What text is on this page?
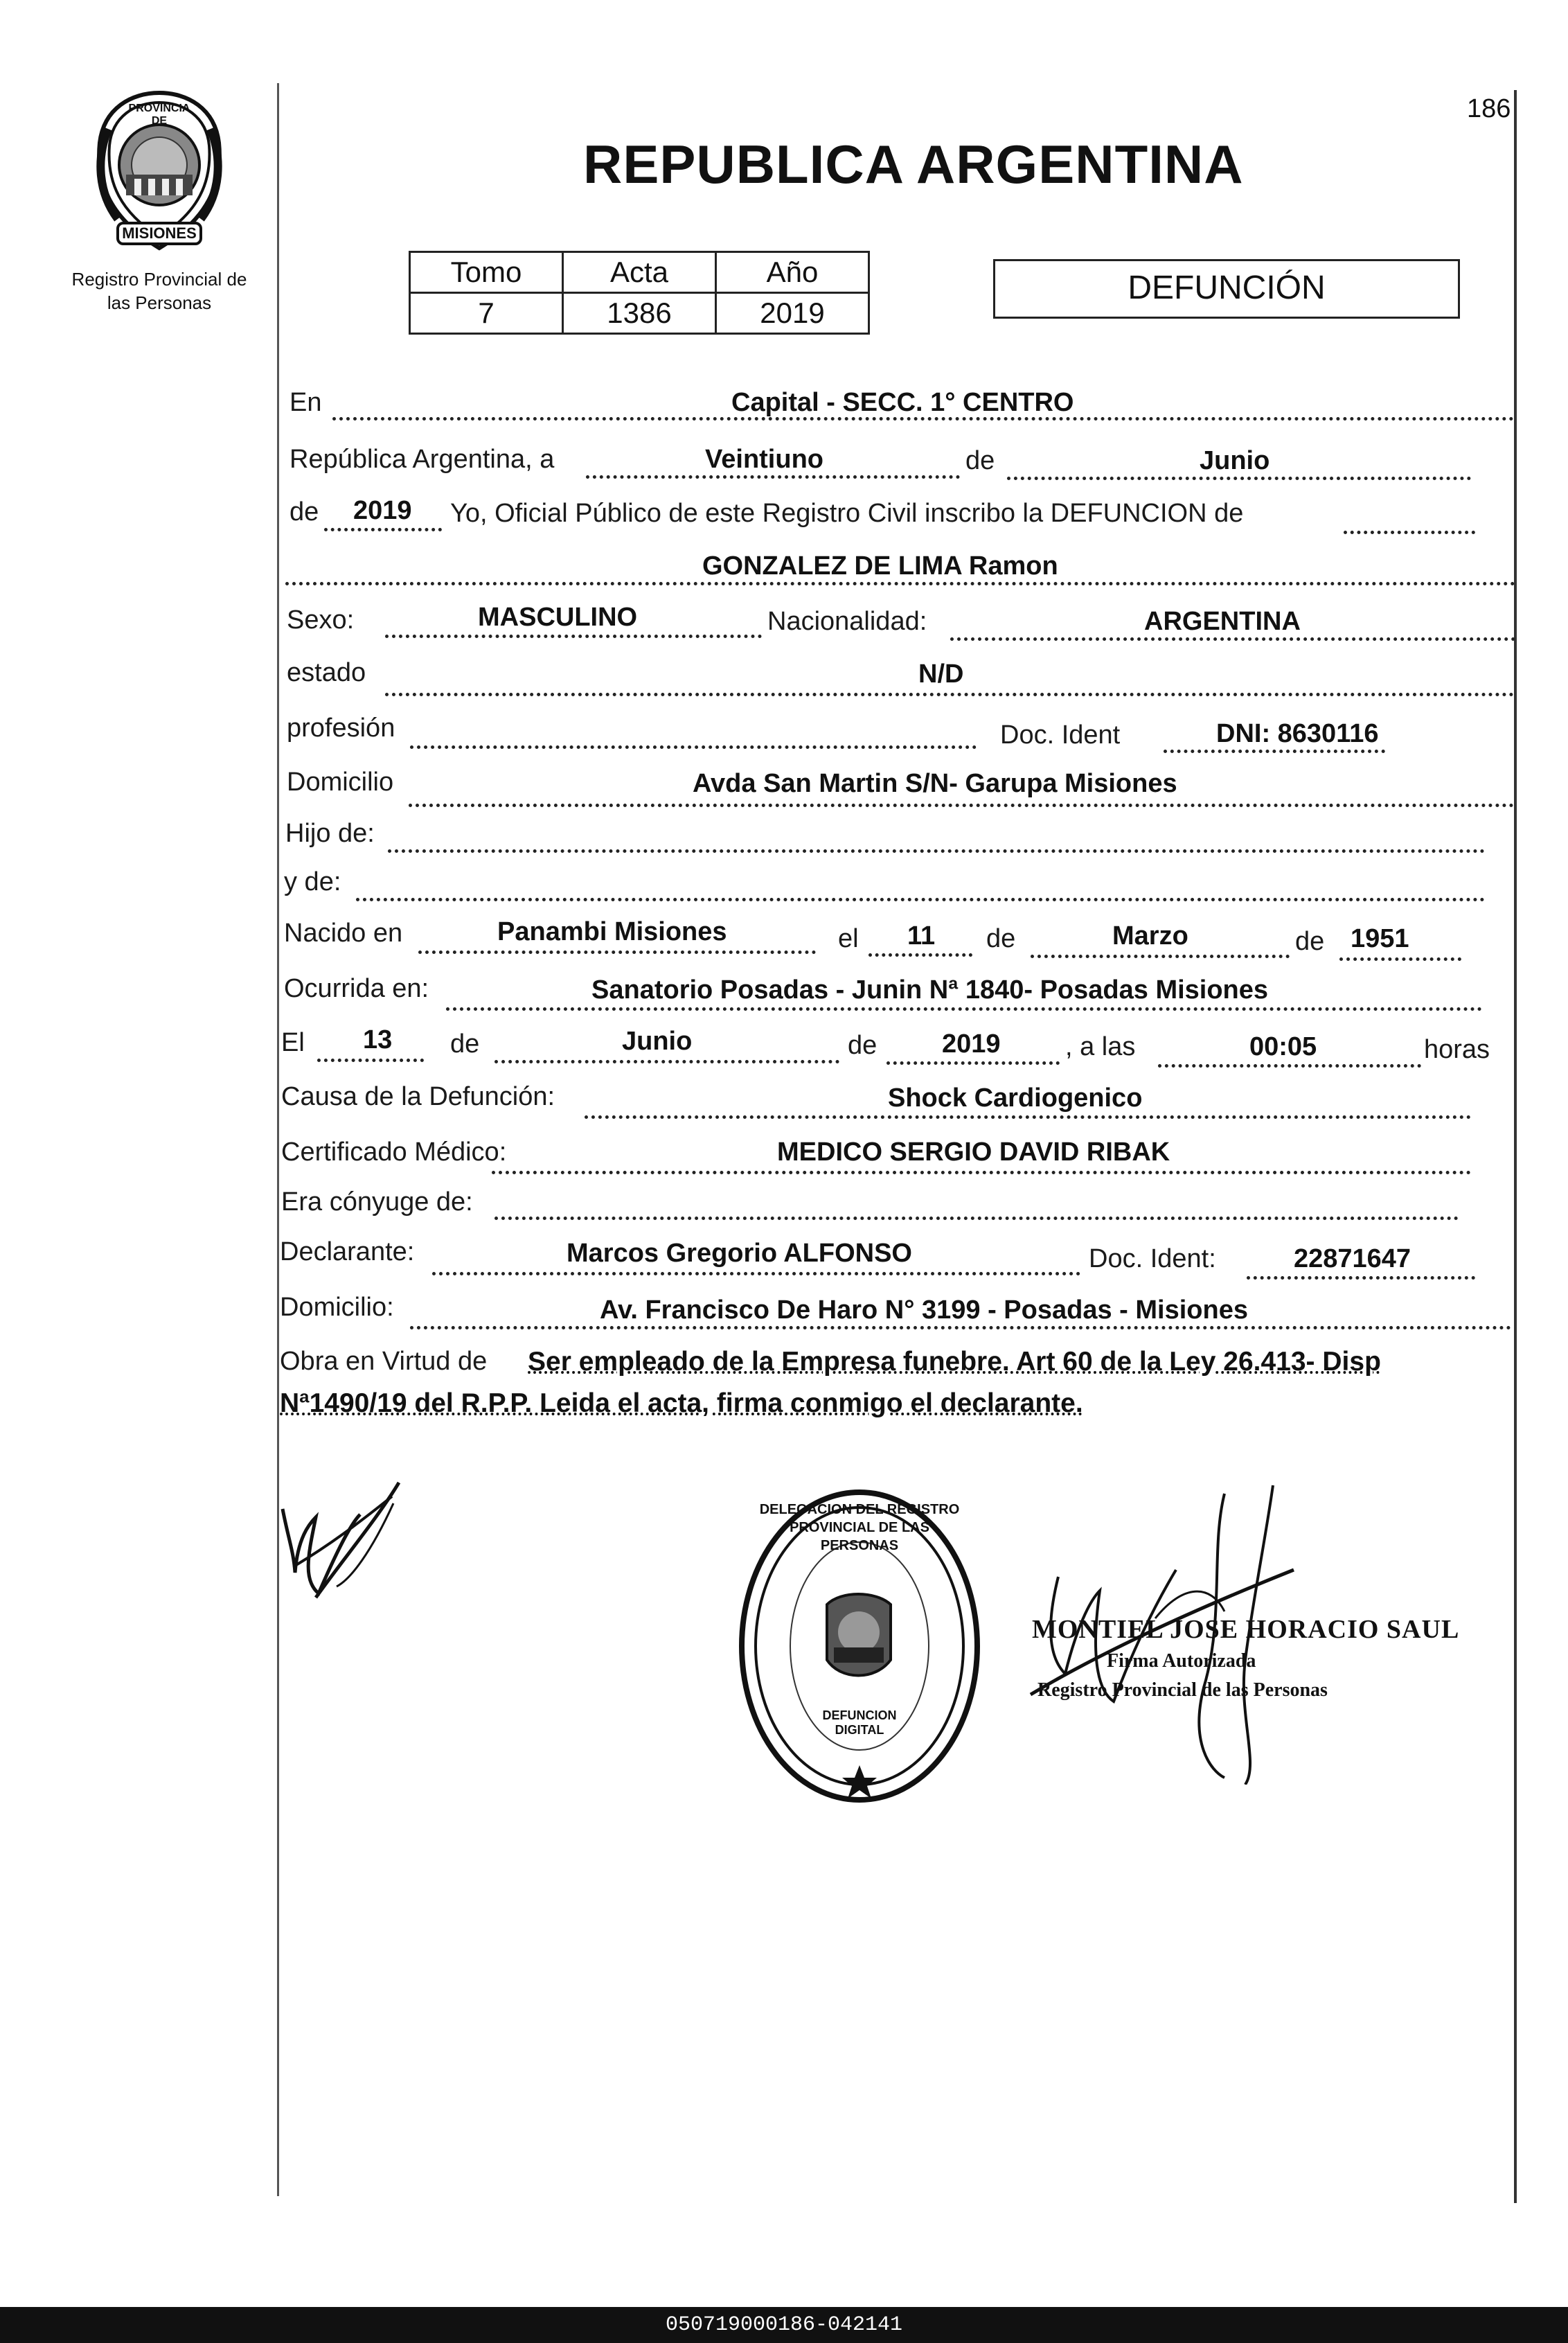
186
PROVINCIA DE
MISIONES
Registro Provincial de
las Personas
REPUBLICA ARGENTINA
Tomo	Acta	Año
7	1386	2019
DEFUNCIÓN
En	Capital - SECC. 1° CENTRO
República Argentina, a	Veintiuno	de	Junio
de 2019 Yo, Oficial Público de este Registro Civil inscribo la DEFUNCION de
GONZALEZ DE LIMA Ramon
Sexo:	MASCULINO	Nacionalidad:	ARGENTINA
estado	N/D
profesión	Doc. Ident	DNI: 8630116
Domicilio	Avda San Martin S/N- Garupa Misiones
Hijo de:
y de:
Nacido en	Panambi Misiones	el 11 de	Marzo	de 1951
Ocurrida en:	Sanatorio Posadas - Junin Nª 1840- Posadas Misiones
El 13 de	Junio	de 2019 , a las	00:05	horas
Causa de la Defunción:	Shock Cardiogenico
Certificado Médico:	MEDICO SERGIO DAVID RIBAK
Era cónyuge de:
Declarante:	Marcos Gregorio ALFONSO	Doc. Ident:	22871647
Domicilio:	Av. Francisco De Haro N° 3199 - Posadas - Misiones
Obra en Virtud de Ser empleado de la Empresa funebre. Art 60 de la Ley 26.413- Disp
Nª1490/19 del R.P.P. Leida el acta, firma conmigo el declarante.
DELEGACION DEL REGISTRO PROVINCIAL DE LAS PERSONAS
DEFUNCION DIGITAL
MONTIEL JOSE HORACIO SAUL
Firma Autorizada
Registro Provincial de las Personas
050719000186-042141
